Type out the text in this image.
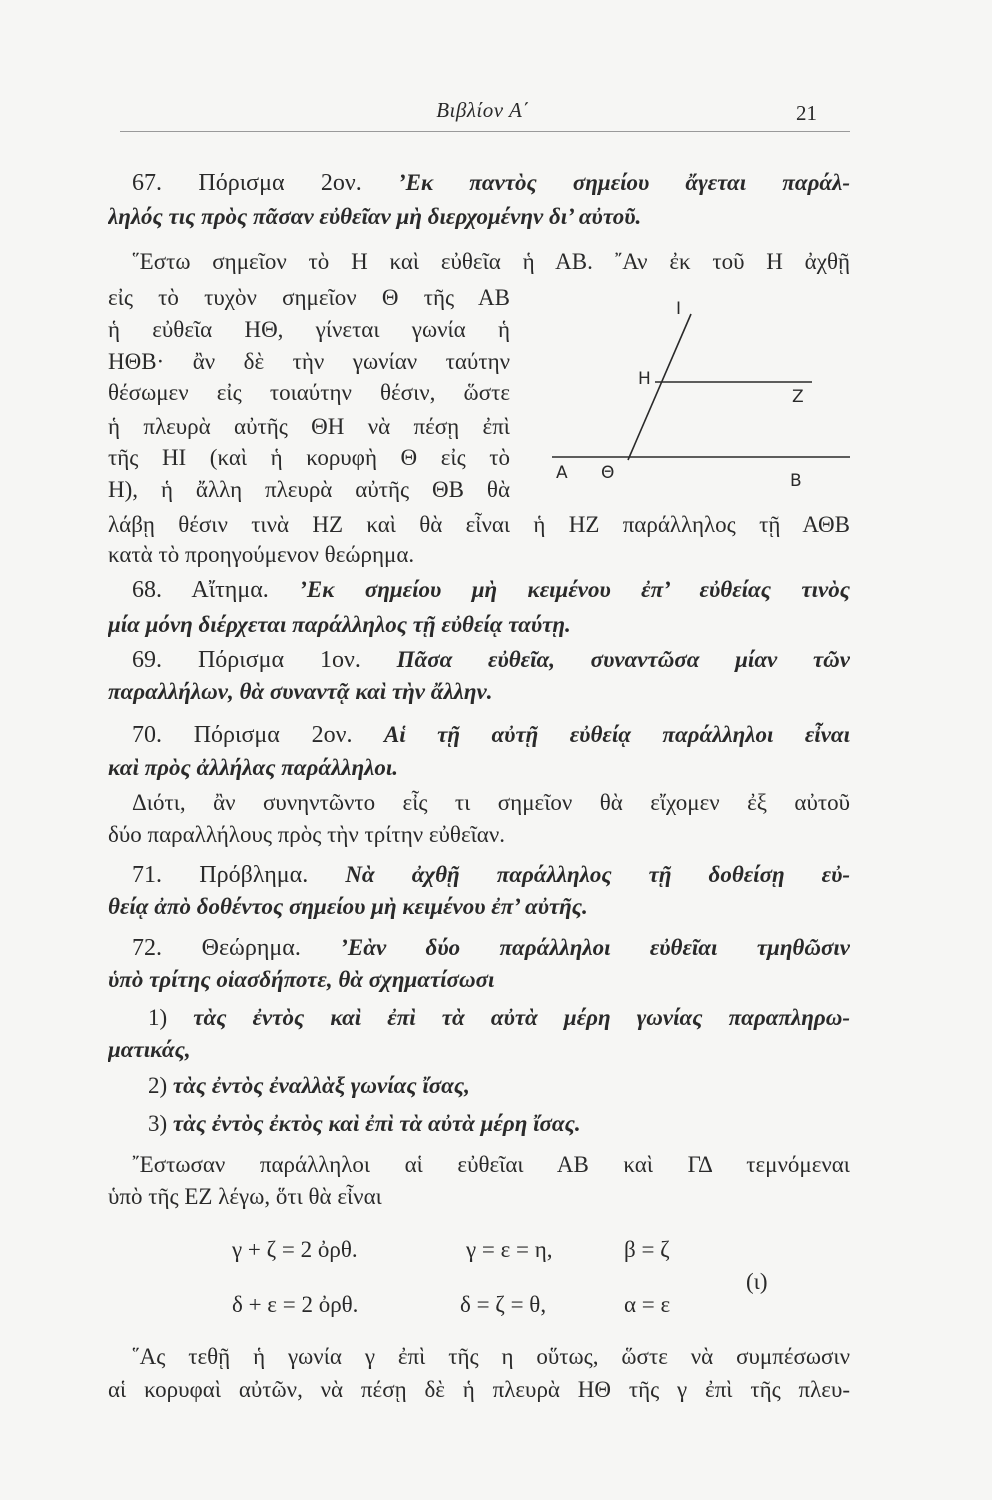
Βιβλίον Α΄	21
67. Πόρισμα 2ον. ’Εκ παντὸς σημείου ἄγεται παράλ-
ληλός τις πρὸς πᾶσαν εὐθεῖαν μὴ διερχομένην δι’ αὐτοῦ.
῞Εστω σημεῖον τὸ Η καὶ εὐθεῖα ἡ ΑΒ. ῎Αν ἐκ τοῦ Η ἀχθῇ
εἰς τὸ τυχὸν σημεῖον Θ τῆς ΑΒ
ἡ εὐθεῖα ΗΘ, γίνεται γωνία ἡ
ΗΘΒ· ἂν δὲ τὴν γωνίαν ταύτην
θέσωμεν εἰς τοιαύτην θέσιν, ὥστε
ἡ πλευρὰ αὐτῆς ΘΗ νὰ πέσῃ ἐπὶ
τῆς ΗΙ (καὶ ἡ κορυφὴ Θ εἰς τὸ
Η), ἡ ἄλλη πλευρὰ αὐτῆς ΘΒ θὰ
λάβῃ θέσιν τινὰ ΗΖ καὶ θὰ εἶναι ἡ ΗΖ παράλληλος τῇ ΑΘΒ
κατὰ τὸ προηγούμενον θεώρημα.
Ι
Η
Ζ
Α Θ	Β
68. Αἴτημα. ’Εκ σημείου μὴ κειμένου ἐπ’ εὐθείας τινὸς
μία μόνη διέρχεται παράλληλος τῇ εὐθείᾳ ταύτῃ.
69. Πόρισμα 1ον. Πᾶσα εὐθεῖα, συναντῶσα μίαν τῶν
παραλλήλων, θὰ συναντᾷ καὶ τὴν ἄλλην.
70. Πόρισμα 2ον. Αἱ τῇ αὐτῇ εὐθείᾳ παράλληλοι εἶναι
καὶ πρὸς ἀλλήλας παράλληλοι.
Διότι, ἂν συνηντῶντο εἶς τι σημεῖον θὰ εἴχομεν ἐξ αὐτοῦ
δύο παραλλήλους πρὸς τὴν τρίτην εὐθεῖαν.
71. Πρόβλημα. Νὰ ἀχθῇ παράλληλος τῇ δοθείσῃ εὐ-
θείᾳ ἀπὸ δοθέντος σημείου μὴ κειμένου ἐπ’ αὐτῆς.
72. Θεώρημα. ’Εὰν δύο παράλληλοι εὐθεῖαι τμηθῶσιν
ὑπὸ τρίτης οἱασδήποτε, θὰ σχηματίσωσι
1) τὰς ἐντὸς καὶ ἐπὶ τὰ αὐτὰ μέρη γωνίας παραπληρω-
ματικάς,
2) τὰς ἐντὸς ἐναλλὰξ γωνίας ἴσας,
3) τὰς ἐντὸς ἐκτὸς καὶ ἐπὶ τὰ αὐτὰ μέρη ἴσας.
῎Εστωσαν παράλληλοι αἱ εὐθεῖαι ΑΒ καὶ ΓΔ τεμνόμεναι
ὑπὸ τῆς ΕΖ λέγω, ὅτι θὰ εἶναι
γ + ζ = 2 ὀρθ.	γ = ε = η,	β = ζ
δ + ε = 2 ὀρθ.	δ = ζ = θ,	α = ε
(ι)
῞Ας τεθῇ ἡ γωνία γ ἐπὶ τῆς η οὕτως, ὥστε νὰ συμπέσωσιν
αἱ κορυφαὶ αὐτῶν, νὰ πέσῃ δὲ ἡ πλευρὰ ΗΘ τῆς γ ἐπὶ τῆς πλευ-
